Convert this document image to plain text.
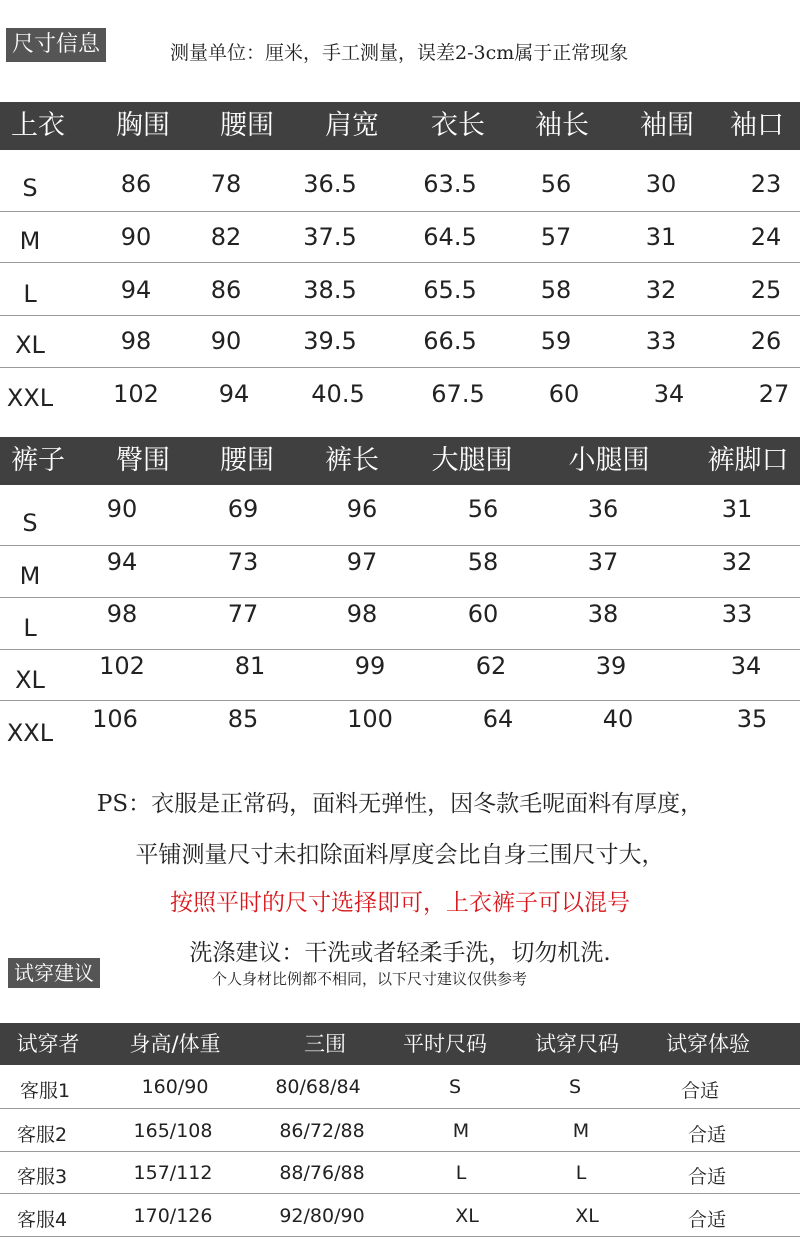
尺寸信息	测量单位：厘米，手工测量，误差2-3cm属于正常现象
上衣 胸围 腰围 肩宽 衣长 袖长 袖围 袖口
S	86 78	36.5	63.5	56	30	23
M	90 82	37.5	64.5	57	31	24
L	94 86	38.5	65.5	58	32	25
XL	98 90	39.5	66.5	59	33	26
XXL 102 94	40.5	67.5	60	34	27
裤子 臀围 腰围 裤长 大腿围 小腿围 裤脚口
S	90	69	96	56	36	31
M	94	73	97	58	37	32
L	98	77	98	60	38	33
XL 102	81	99	62	39	34
XXL 106	85	100	64	40	35
PS：衣服是正常码，面料无弹性，因冬款毛呢面料有厚度，
平铺测量尺寸未扣除面料厚度会比自身三围尺寸大，
按照平时的尺寸选择即可，上衣裤子可以混号
洗涤建议：干洗或者轻柔手洗，切勿机洗.
试穿建议	个人身材比例都不相同，以下尺寸建议仅供参考
试穿者 身高/体重	三围	平时尺码 试穿尺码 试穿体验
客服1	160/90	80/68/84	S	S	合适
客服2	165/108	86/72/88	M	M	合适
客服3	157/112	88/76/88	L	L	合适
客服4	170/126	92/80/90	XL	XL	合适
